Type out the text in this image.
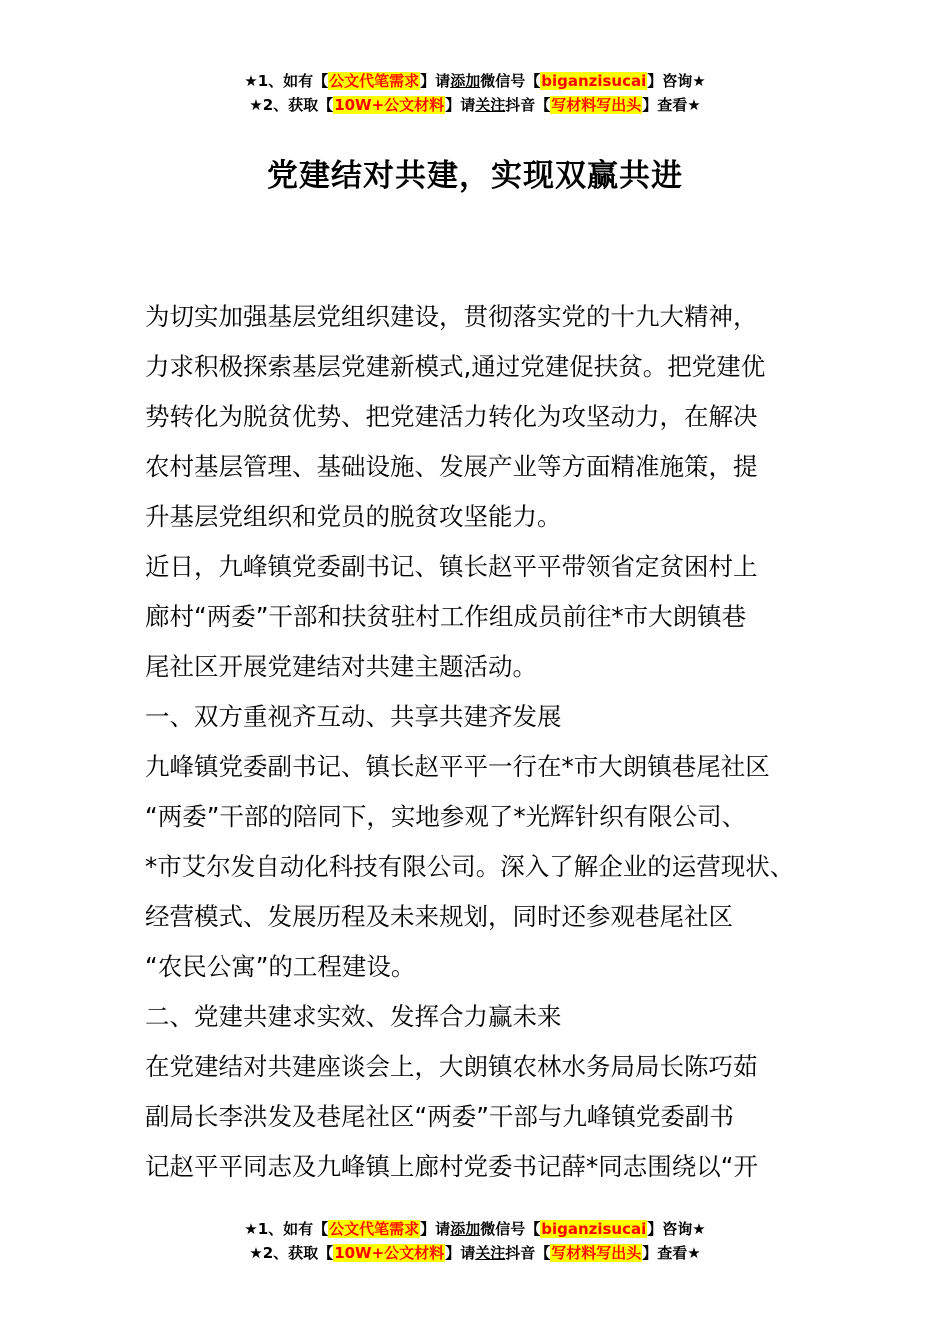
★1、如有【公文代笔需求】请添加微信号【biganzisucai】咨询★
★2、获取【10W+公文材料】请关注抖音【写材料写出头】查看★
党建结对共建，实现双赢共进

为切实加强基层党组织建设，贯彻落实党的十九大精神，
力求积极探索基层党建新模式,通过党建促扶贫。把党建优
势转化为脱贫优势、把党建活力转化为攻坚动力，在解决
农村基层管理、基础设施、发展产业等方面精准施策，提
升基层党组织和党员的脱贫攻坚能力。

近日，九峰镇党委副书记、镇长赵平平带领省定贫困村上
廊村“两委”干部和扶贫驻村工作组成员前往*市大朗镇巷
尾社区开展党建结对共建主题活动。

一、双方重视齐互动、共享共建齐发展

九峰镇党委副书记、镇长赵平平一行在*市大朗镇巷尾社区
“两委”干部的陪同下，实地参观了*光辉针织有限公司、
*市艾尔发自动化科技有限公司。深入了解企业的运营现状、
经营模式、发展历程及未来规划，同时还参观巷尾社区
“农民公寓”的工程建设。

二、党建共建求实效、发挥合力赢未来

在党建结对共建座谈会上，大朗镇农林水务局局长陈巧茹
副局长李洪发及巷尾社区“两委”干部与九峰镇党委副书
记赵平平同志及九峰镇上廊村党委书记薛*同志围绕以“开

★1、如有【公文代笔需求】请添加微信号【biganzisucai】咨询★
★2、获取【10W+公文材料】请关注抖音【写材料写出头】查看★
